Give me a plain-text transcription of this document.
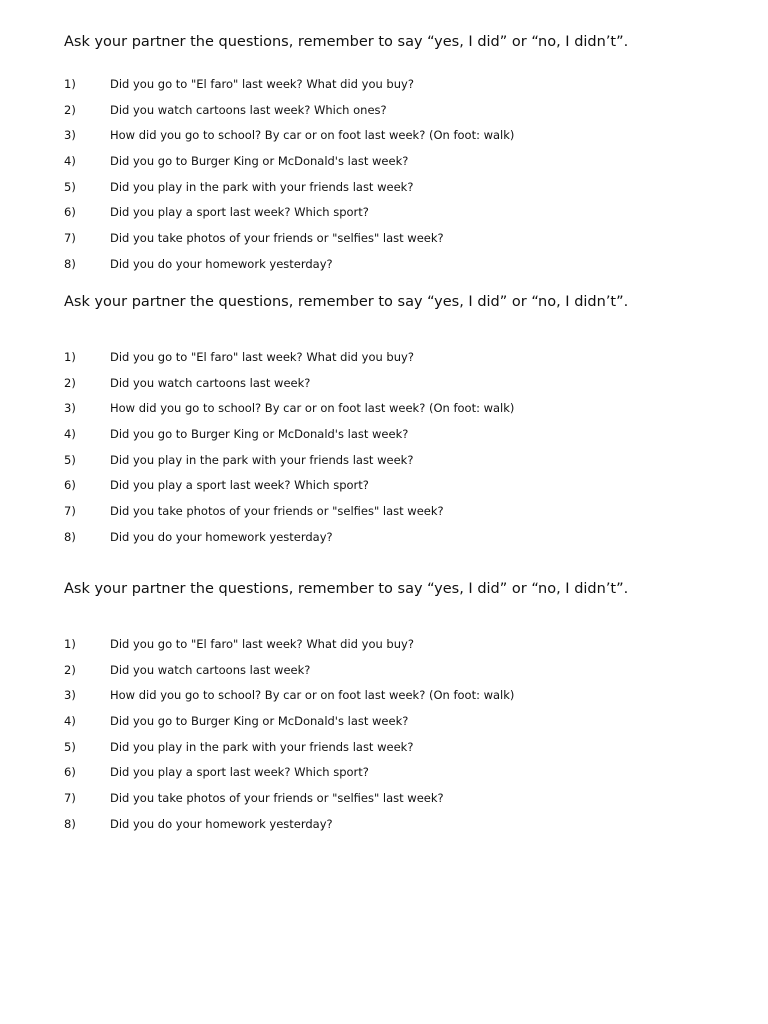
Ask your partner the questions, remember to say “yes, I did” or “no, I didn’t”.
1)	Did you go to "El faro" last week? What did you buy?
2)	Did you watch cartoons last week? Which ones?
3)	How did you go to school? By car or on foot last week? (On foot: walk)
4)	Did you go to Burger King or McDonald's last week?
5)	Did you play in the park with your friends last week?
6)	Did you play a sport last week? Which sport?
7)	Did you take photos of your friends or "selfies" last week?
8)	Did you do your homework yesterday?
Ask your partner the questions, remember to say “yes, I did” or “no, I didn’t”.
1)	Did you go to "El faro" last week? What did you buy?
2)	Did you watch cartoons last week?
3)	How did you go to school? By car or on foot last week? (On foot: walk)
4)	Did you go to Burger King or McDonald's last week?
5)	Did you play in the park with your friends last week?
6)	Did you play a sport last week? Which sport?
7)	Did you take photos of your friends or "selfies" last week?
8)	Did you do your homework yesterday?
Ask your partner the questions, remember to say “yes, I did” or “no, I didn’t”.
1)	Did you go to "El faro" last week? What did you buy?
2)	Did you watch cartoons last week?
3)	How did you go to school? By car or on foot last week? (On foot: walk)
4)	Did you go to Burger King or McDonald's last week?
5)	Did you play in the park with your friends last week?
6)	Did you play a sport last week? Which sport?
7)	Did you take photos of your friends or "selfies" last week?
8)	Did you do your homework yesterday?
